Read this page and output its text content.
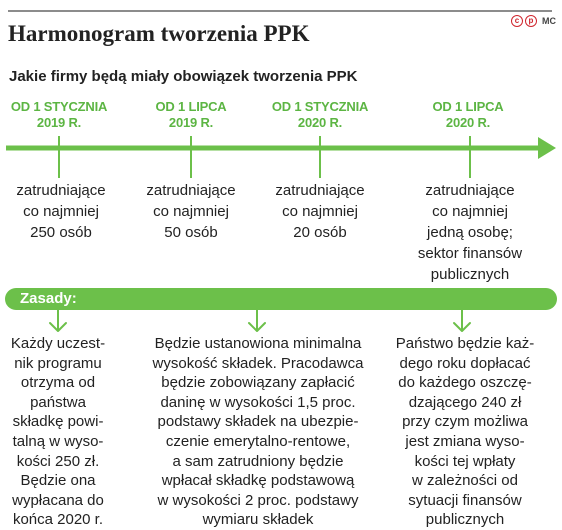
Harmonogram tworzenia PPK
c	p MC
Jakie firmy będą miały obowiązek tworzenia PPK
OD 1 STYCZNIA
2019 R.
OD 1 LIPCA
2019 R.
OD 1 STYCZNIA
2020 R.
OD 1 LIPCA
2020 R.
zatrudniające
co najmniej
250 osób
zatrudniające
co najmniej
50 osób
zatrudniające
co najmniej
20 osób
zatrudniające
co najmniej
jedną osobę;
sektor finansów
publicznych
Zasady:
Każdy uczest-
nik programu
otrzyma od
państwa
składkę powi-
talną w wyso-
kości 250 zł.
Będzie ona
wypłacana do
końca 2020 r.
Będzie ustanowiona minimalna
wysokość składek. Pracodawca
będzie zobowiązany zapłacić
daninę w wysokości 1,5 proc.
podstawy składek na ubezpie-
czenie emerytalno-rentowe,
a sam zatrudniony będzie
wpłacał składkę podstawową
w wysokości 2 proc. podstawy
wymiaru składek
Państwo będzie każ-
dego roku dopłacać
do każdego oszczę-
dzającego 240 zł
przy czym możliwa
jest zmiana wyso-
kości tej wpłaty
w zależności od
sytuacji finansów
publicznych
